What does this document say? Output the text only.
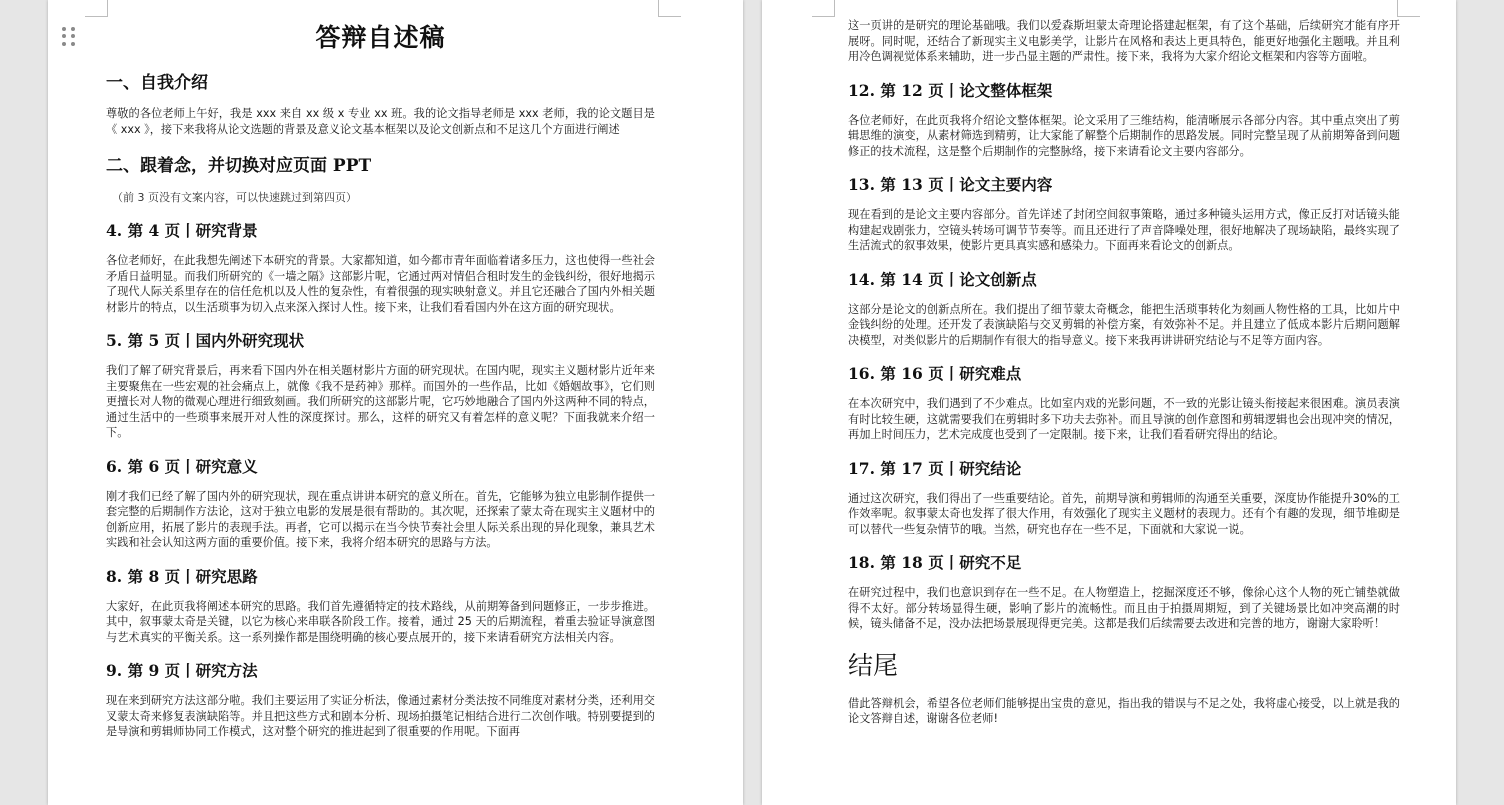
答辩自述稿
一、自我介绍

尊敬的各位老师上午好，我是 xxx 来自 xx 级 x 专业 xx 班。我的论文指导老师是 xxx 老师，我的论文题目是《 xxx 》，接下来我将从论文选题的背景及意义论文基本框架以及论文创新点和不足这几个方面进行阐述

二、跟着念，并切换对应页面 PPT

（前 3 页没有文案内容，可以快速跳过到第四页）

4. 第 4 页丨研究背景

各位老师好，在此我想先阐述下本研究的背景。大家都知道，如今都市青年面临着诸多压力，这也使得一些社会矛盾日益明显。而我们所研究的《一墙之隔》这部影片呢，它通过两对情侣合租时发生的金钱纠纷，很好地揭示了现代人际关系里存在的信任危机以及人性的复杂性，有着很强的现实映射意义。并且它还融合了国内外相关题材影片的特点，以生活琐事为切入点来深入探讨人性。接下来，让我们看看国内外在这方面的研究现状。

5. 第 5 页丨国内外研究现状

我们了解了研究背景后，再来看下国内外在相关题材影片方面的研究现状。在国内呢，现实主义题材影片近年来主要聚焦在一些宏观的社会痛点上，就像《我不是药神》那样。而国外的一些作品，比如《婚姻故事》，它们则更擅长对人物的微观心理进行细致刻画。我们所研究的这部影片呢，它巧妙地融合了国内外这两种不同的特点，通过生活中的一些琐事来展开对人性的深度探讨。那么，这样的研究又有着怎样的意义呢？下面我就来介绍一下。

6. 第 6 页丨研究意义

刚才我们已经了解了国内外的研究现状，现在重点讲讲本研究的意义所在。首先，它能够为独立电影制作提供一套完整的后期制作方法论，这对于独立电影的发展是很有帮助的。其次呢，还探索了蒙太奇在现实主义题材中的创新应用，拓展了影片的表现手法。再者，它可以揭示在当今快节奏社会里人际关系出现的异化现象，兼具艺术实践和社会认知这两方面的重要价值。接下来，我将介绍本研究的思路与方法。

8. 第 8 页丨研究思路

大家好，在此页我将阐述本研究的思路。我们首先遵循特定的技术路线，从前期筹备到问题修正，一步步推进。其中，叙事蒙太奇是关键，以它为核心来串联各阶段工作。接着，通过 25 天的后期流程，着重去验证导演意图与艺术真实的平衡关系。这一系列操作都是围绕明确的核心要点展开的，接下来请看研究方法相关内容。

9. 第 9 页丨研究方法

现在来到研究方法这部分啦。我们主要运用了实证分析法，像通过素材分类法按不同维度对素材分类，还利用交叉蒙太奇来修复表演缺陷等。并且把这些方式和剧本分析、现场拍摄笔记相结合进行二次创作哦。特别要提到的是导演和剪辑师协同工作模式，这对整个研究的推进起到了很重要的作用呢。下面再

这一页讲的是研究的理论基础哦。我们以爱森斯坦蒙太奇理论搭建起框架，有了这个基础，后续研究才能有序开展呀。同时呢，还结合了新现实主义电影美学，让影片在风格和表达上更具特色，能更好地强化主题哦。并且利用冷色调视觉体系来辅助，进一步凸显主题的严肃性。接下来，我将为大家介绍论文框架和内容等方面啦。

12. 第 12 页丨论文整体框架

各位老师好，在此页我将介绍论文整体框架。论文采用了三维结构，能清晰展示各部分内容。其中重点突出了剪辑思维的演变，从素材筛选到精剪，让大家能了解整个后期制作的思路发展。同时完整呈现了从前期筹备到问题修正的技术流程，这是整个后期制作的完整脉络，接下来请看论文主要内容部分。

13. 第 13 页丨论文主要内容

现在看到的是论文主要内容部分。首先详述了封闭空间叙事策略，通过多种镜头运用方式，像正反打对话镜头能构建起戏剧张力，空镜头转场可调节节奏等。而且还进行了声音降噪处理，很好地解决了现场缺陷，最终实现了生活流式的叙事效果，使影片更具真实感和感染力。下面再来看论文的创新点。

14. 第 14 页丨论文创新点

这部分是论文的创新点所在。我们提出了细节蒙太奇概念，能把生活琐事转化为刻画人物性格的工具，比如片中金钱纠纷的处理。还开发了表演缺陷与交叉剪辑的补偿方案，有效弥补不足。并且建立了低成本影片后期问题解决模型，对类似影片的后期制作有很大的指导意义。接下来我再讲讲研究结论与不足等方面内容。

16. 第 16 页丨研究难点

在本次研究中，我们遇到了不少难点。比如室内戏的光影问题，不一致的光影让镜头衔接起来很困难。演员表演有时比较生硬，这就需要我们在剪辑时多下功夫去弥补。而且导演的创作意图和剪辑逻辑也会出现冲突的情况，再加上时间压力，艺术完成度也受到了一定限制。接下来，让我们看看研究得出的结论。

17. 第 17 页丨研究结论

通过这次研究，我们得出了一些重要结论。首先，前期导演和剪辑师的沟通至关重要，深度协作能提升30%的工作效率呢。叙事蒙太奇也发挥了很大作用，有效强化了现实主义题材的表现力。还有个有趣的发现，细节堆砌是可以替代一些复杂情节的哦。当然，研究也存在一些不足，下面就和大家说一说。

18. 第 18 页丨研究不足

在研究过程中，我们也意识到存在一些不足。在人物塑造上，挖掘深度还不够，像徐心这个人物的死亡铺垫就做得不太好。部分转场显得生硬，影响了影片的流畅性。而且由于拍摄周期短，到了关键场景比如冲突高潮的时候，镜头储备不足，没办法把场景展现得更完美。这都是我们后续需要去改进和完善的地方，谢谢大家聆听！

结尾

借此答辩机会，希望各位老师们能够提出宝贵的意见，指出我的错误与不足之处，我将虚心接受，以上就是我的论文答辩自述，谢谢各位老师!
